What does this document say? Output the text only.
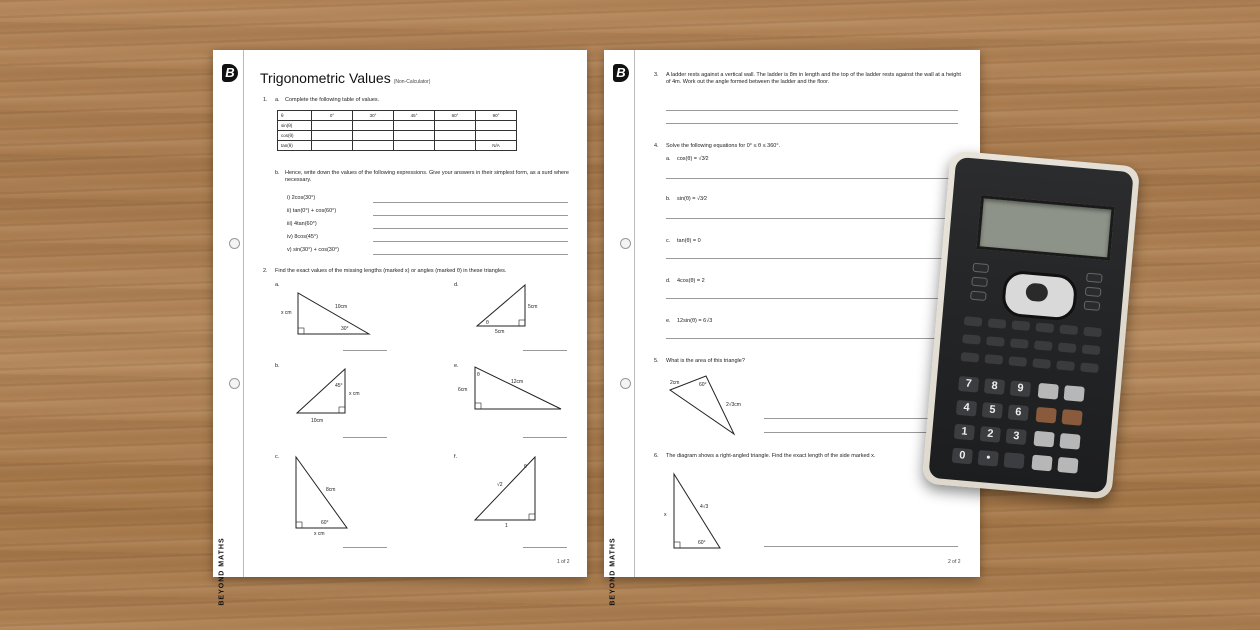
B
BEYOND MATHS
Trigonometric Values (Non-Calculator)
1. a. Complete the following table of values.
θ	0°	30°	45°	60°	90°
sin(θ)					
cos(θ)					
tan(θ)					N/A
b. Hence, write down the values of the following expressions. Give your answers in their simplest form, as a surd where necessary.
i) 2cos(30°)
ii) tan(0°) + cos(60°)
iii) 4tan(60°)
iv) 8cos(45°)
v) sin(30°) + cos(30°)
2. Find the exact values of the missing lengths (marked x) or angles (marked θ) in these triangles.
a.
10cm
30°
x cm
d.
5cm
θ
5cm
b.
45°
x cm
10cm
e.
θ
6cm
12cm
c.
8cm
60°
x cm
f.
θ
√2
1
1 of 2
B
BEYOND MATHS
3. A ladder rests against a vertical wall. The ladder is 8m in length and the top of the ladder rests against the wall at a height of 4m. Work out the angle formed between the ladder and the floor.
4. Solve the following equations for 0° ≤ θ ≤ 360°.
a. cos(θ) = √3⁄2
b. sin(θ) = √3⁄2
c. tan(θ) = 0
d. 4cos(θ) = 2
e. 12sin(θ) = 6√3
5. What is the area of this triangle?
2cm	60°
2√3cm
6. The diagram shows a right-angled triangle. Find the exact length of the side marked x.
4√3
60°
x
2 of 2
7	8	9
4	5	6
1	2	3
0	•
